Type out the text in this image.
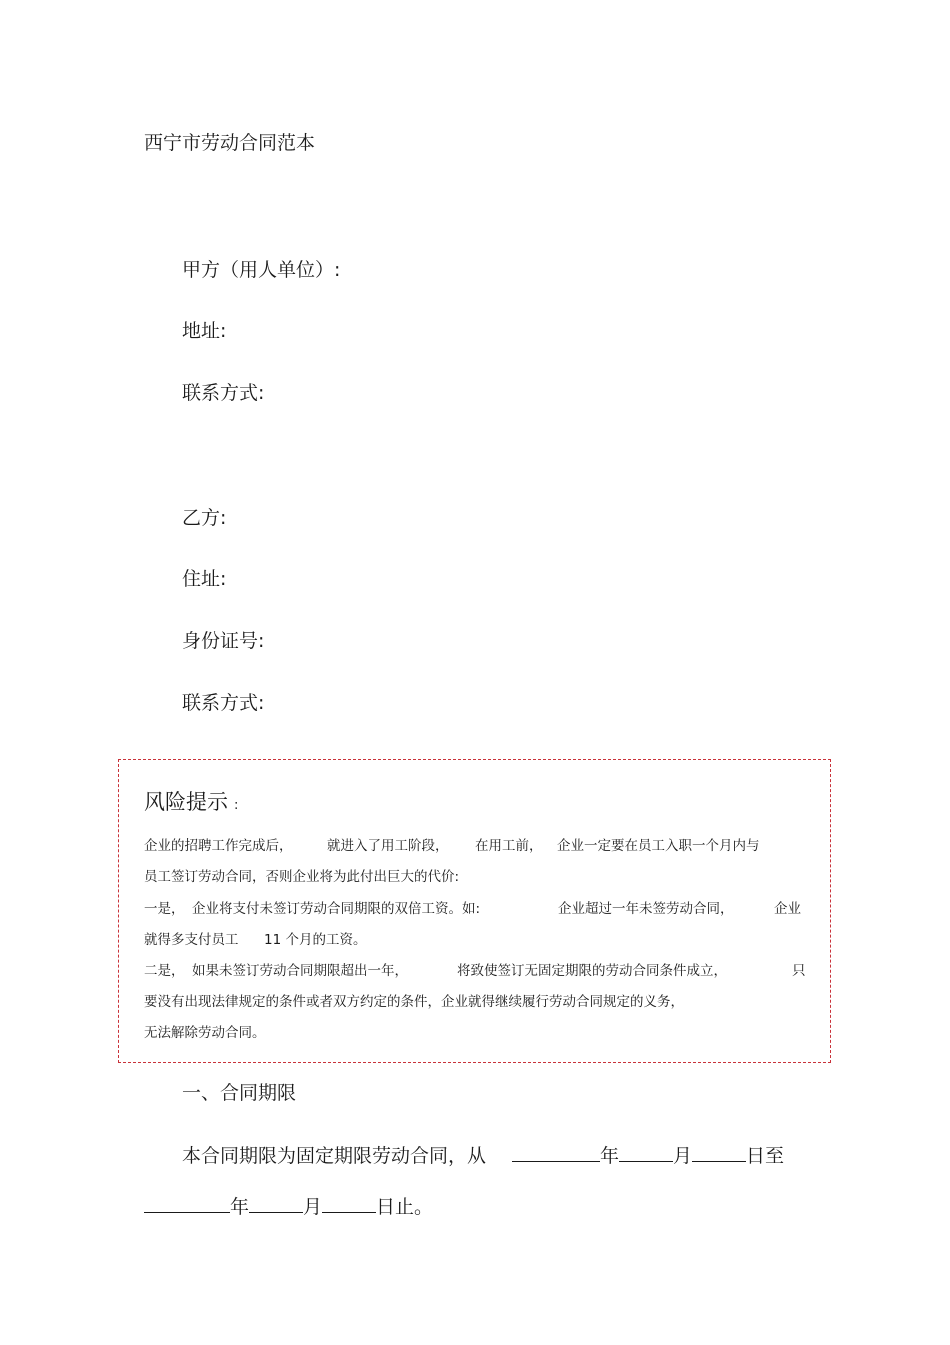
西宁市劳动合同范本
甲方（用人单位）:
地址:
联系方式:
乙方:
住址:
身份证号:
联系方式:
风险提示 :
企业的招聘工作完成后，	就进入了用工阶段， 在用工前， 企业一定要在员工入职一个月内与
员工签订劳动合同，否则企业将为此付出巨大的代价:
一是， 企业将支付未签订劳动合同期限的双倍工资。如:	企业超过一年未签劳动合同，	企业
就得多支付员工 11 个月的工资。
二是， 如果未签订劳动合同期限超出一年，	将致使签订无固定期限的劳动合同条件成立，	只
要没有出现法律规定的条件或者双方约定的条件，企业就得继续履行劳动合同规定的义务，
无法解除劳动合同。
一、合同期限
本合同期限为固定期限劳动合同，从	年	月	日至
年	月	日止。
